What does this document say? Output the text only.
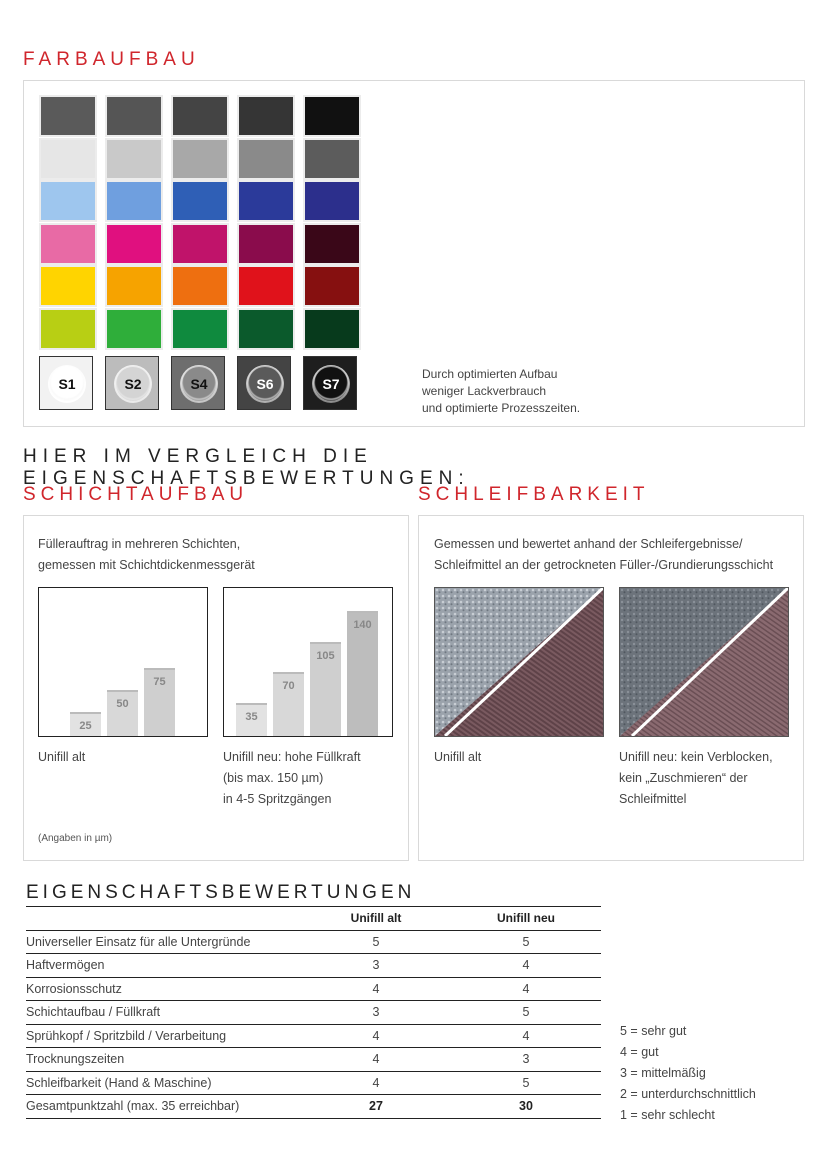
FARBAUFBAU
S1	S2	S4	S6	S7
Durch optimierten Aufbau
weniger Lackverbrauch
und optimierte Prozesszeiten.
HIER IM VERGLEICH DIE EIGENSCHAFTSBEWERTUNGEN:
SCHICHTAUFBAU
Füllerauftrag in mehreren Schichten,
gemessen mit Schichtdickenmessgerät
25
50
75
35
70
105
140
Unifill alt	Unifill neu: hohe Füllkraft
(bis max. 150 µm)
in 4-5 Spritzgängen
(Angaben in µm)
SCHLEIFBARKEIT
Gemessen und bewertet anhand der Schleifergebnisse/
Schleifmittel an der getrockneten Füller-/Grundierungsschicht
Unifill alt	Unifill neu: kein Verblocken,
kein „Zuschmieren“ der
Schleifmittel
EIGENSCHAFTSBEWERTUNGEN
	Unifill alt	Unifill neu
Universeller Einsatz für alle Untergründe	5	5
Haftvermögen	3	4
Korrosionsschutz	4	4
Schichtaufbau / Füllkraft	3	5
Sprühkopf / Spritzbild / Verarbeitung	4	4
Trocknungszeiten	4	3
Schleifbarkeit (Hand & Maschine)	4	5
Gesamtpunktzahl (max. 35 erreichbar)	27	30
5 = sehr gut
4 = gut
3 = mittelmäßig
2 = unterdurchschnittlich
1 = sehr schlecht
